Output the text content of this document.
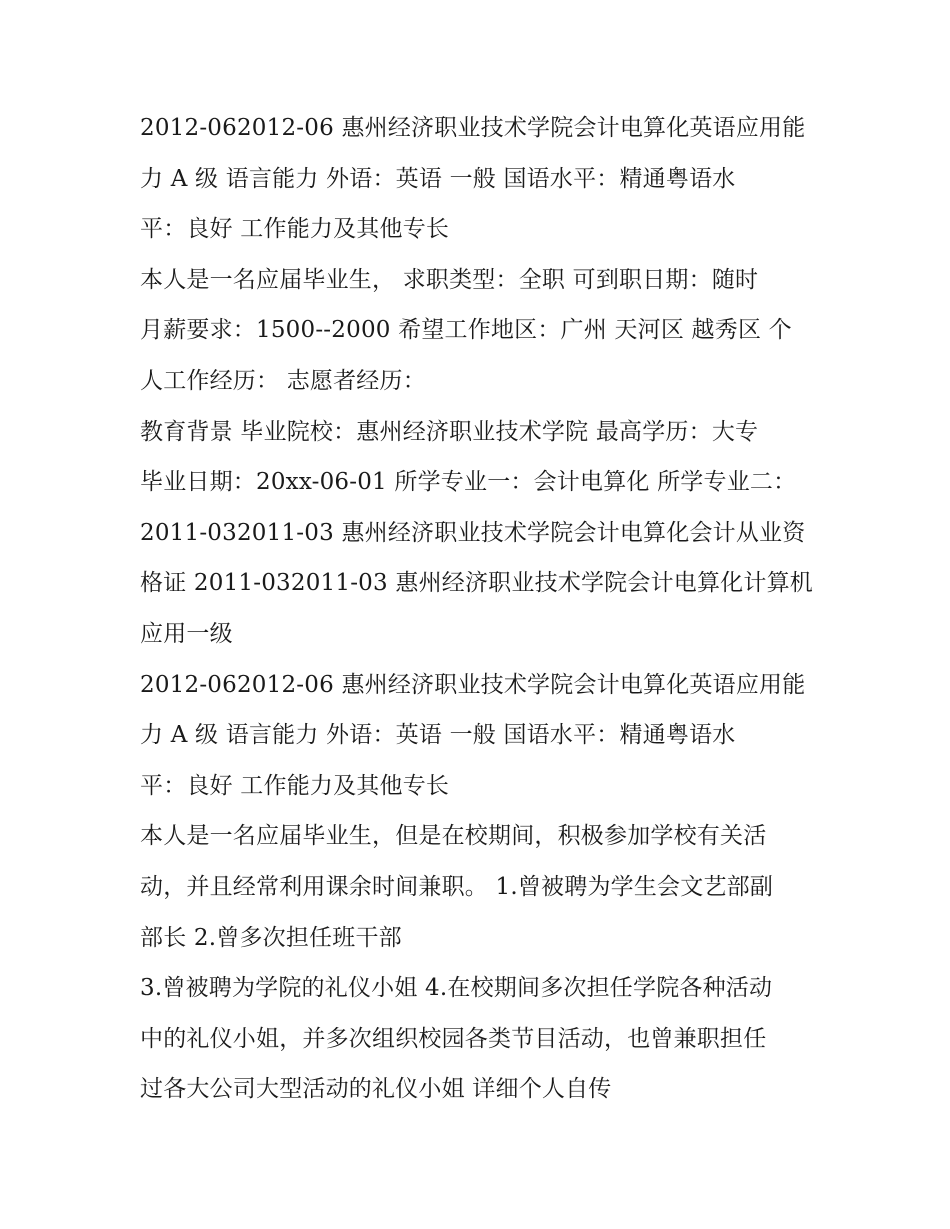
2012-062012-06 惠州经济职业技术学院会计电算化英语应用能
力 A 级 语言能力 外语：英语 一般 国语水平：精通粤语水
平：良好 工作能力及其他专长

本人是一名应届毕业生， 求职类型：全职 可到职日期：随时
月薪要求：1500--2000 希望工作地区：广州 天河区 越秀区 个
人工作经历： 志愿者经历：

教育背景 毕业院校：惠州经济职业技术学院 最高学历：大专
毕业日期：20xx-06-01 所学专业一：会计电算化 所学专业二：
2011-032011-03 惠州经济职业技术学院会计电算化会计从业资
格证 2011-032011-03 惠州经济职业技术学院会计电算化计算机
应用一级

2012-062012-06 惠州经济职业技术学院会计电算化英语应用能
力 A 级 语言能力 外语：英语 一般 国语水平：精通粤语水
平：良好 工作能力及其他专长

本人是一名应届毕业生，但是在校期间，积极参加学校有关活
动，并且经常利用课余时间兼职。 1.曾被聘为学生会文艺部副
部长 2.曾多次担任班干部

3.曾被聘为学院的礼仪小姐 4.在校期间多次担任学院各种活动
中的礼仪小姐，并多次组织校园各类节目活动，也曾兼职担任
过各大公司大型活动的礼仪小姐 详细个人自传
